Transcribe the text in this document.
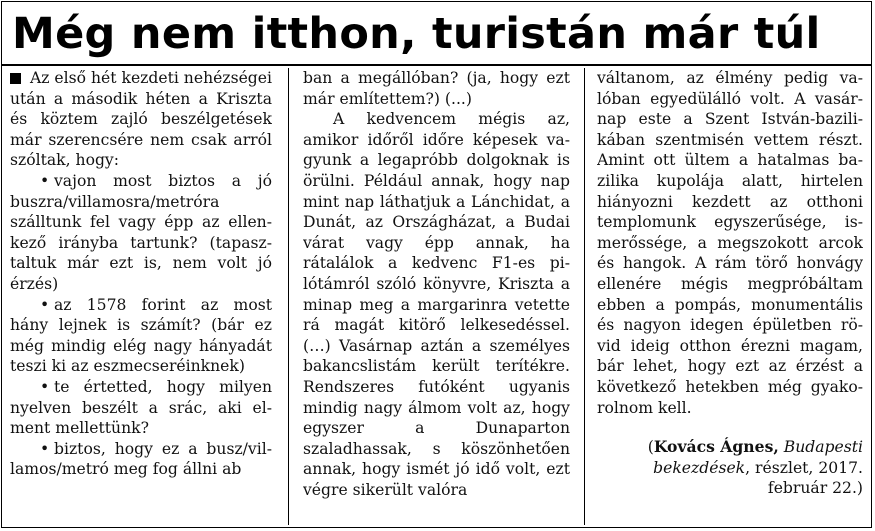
Még nem itthon, turistán már túl

Az első hét kezdeti nehézségei után a második héten a Kriszta és köztem zajló beszélgetések már szerencsére nem csak arról szóltak, hogy:

• vajon most biztos a jó buszra/villamosra/metróra szálltunk fel vagy épp az ellenkező irányba tartunk? (tapasztaltuk már ezt is, nem volt jó érzés)

• az 1578 forint az most hány lejnek is számít? (bár ez még mindig elég nagy hányadát teszi ki az eszmecseréinknek)

• te értetted, hogy milyen nyelven beszélt a srác, aki elment mellettünk?

• biztos, hogy ez a busz/villamos/metró meg fog állni ab

ban a megállóban? (ja, hogy ezt már említettem?) (...)

A kedvencem mégis az, amikor időről időre képesek vagyunk a legapróbb dolgoknak is örülni. Például annak, hogy nap mint nap láthatjuk a Lánchidat, a Dunát, az Országházat, a Budai várat vagy épp annak, ha rátalálok a kedvenc F1-es pilótámról szóló könyvre, Kriszta a minap meg a margarinra vetette rá magát kitörő lelkesedéssel. (…) Vasárnap aztán a személyes bakancslistám került terítékre. Rendszeres futóként ugyanis mindig nagy álmom volt az, hogy egyszer a Dunaparton szaladhassak, s köszönhetően annak, hogy ismét jó idő volt, ezt végre sikerült valóra

váltanom, az élmény pedig valóban egyedülálló volt. A vasárnap este a Szent István-bazilikában szentmisén vettem részt. Amint ott ültem a hatalmas bazilika kupolája alatt, hirtelen hiányozni kezdett az otthoni templomunk egyszerűsége, ismerőssége, a megszokott arcok és hangok. A rám törő honvágy ellenére mégis megpróbáltam ebben a pompás, monumentális és nagyon idegen épületben rövid ideig otthon érezni magam, bár lehet, hogy ezt az érzést a következő hetekben még gyakorolnom kell.

(Kovács Ágnes, Budapesti bekezdések, részlet, 2017. február 22.)
